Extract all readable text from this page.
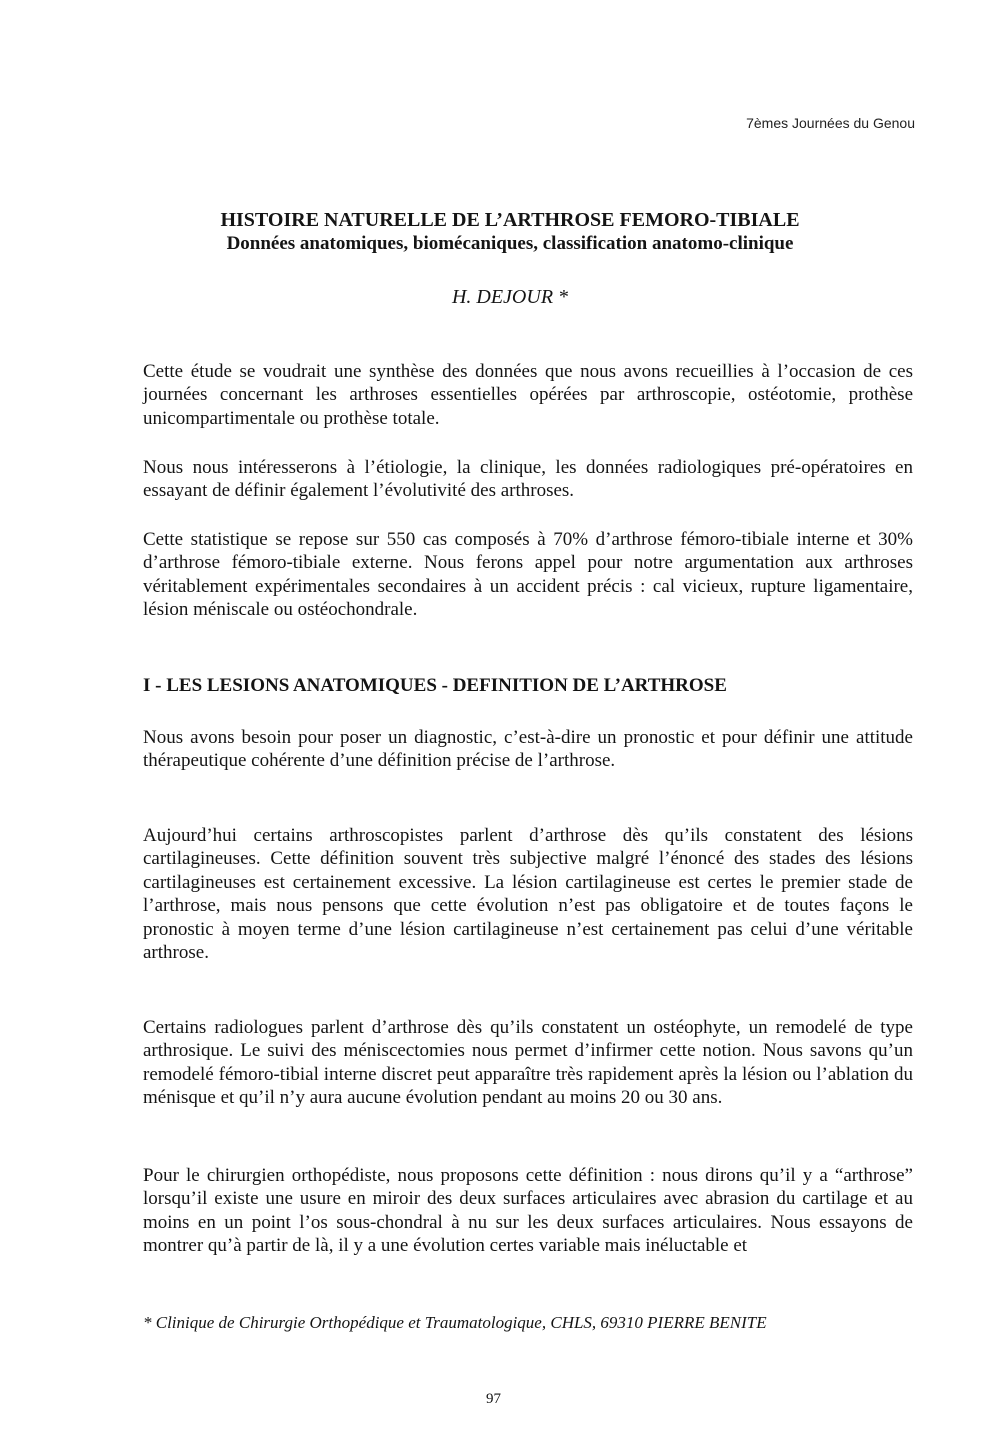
7èmes Journées du Genou

HISTOIRE NATURELLE DE L’ARTHROSE FEMORO-TIBIALE

Données anatomiques, biomécaniques, classification anatomo-clinique

H. DEJOUR *

Cette étude se voudrait une synthèse des données que nous avons recueillies à l’occasion de ces journées concernant les arthroses essentielles opérées par arthroscopie, ostéotomie, prothèse unicompartimentale ou prothèse totale.

Nous nous intéresserons à l’étiologie, la clinique, les données radiologiques pré-opératoires en essayant de définir également l’évolutivité des arthroses.

Cette statistique se repose sur 550 cas composés à 70% d’arthrose fémoro-tibiale interne et 30% d’arthrose fémoro-tibiale externe. Nous ferons appel pour notre argumentation aux arthroses véritablement expérimentales secondaires à un accident précis : cal vicieux, rupture ligamentaire, lésion méniscale ou ostéochondrale.

I - LES LESIONS ANATOMIQUES - DEFINITION DE L’ARTHROSE

Nous avons besoin pour poser un diagnostic, c’est-à-dire un pronostic et pour définir une attitude thérapeutique cohérente d’une définition précise de l’arthrose.

Aujourd’hui certains arthroscopistes parlent d’arthrose dès qu’ils constatent des lésions cartilagineuses. Cette définition souvent très subjective malgré l’énoncé des stades des lésions cartilagineuses est certainement excessive. La lésion cartilagineuse est certes le premier stade de l’arthrose, mais nous pensons que cette évolution n’est pas obligatoire et de toutes façons le pronostic à moyen terme d’une lésion cartilagineuse n’est certainement pas celui d’une véritable arthrose.

Certains radiologues parlent d’arthrose dès qu’ils constatent un ostéophyte, un remodelé de type arthrosique. Le suivi des méniscectomies nous permet d’infirmer cette notion. Nous savons qu’un remodelé fémoro-tibial interne discret peut apparaître très rapidement après la lésion ou l’ablation du ménisque et qu’il n’y aura aucune évolution pendant au moins 20 ou 30 ans.

Pour le chirurgien orthopédiste, nous proposons cette définition : nous dirons qu’il y a “arthrose” lorsqu’il existe une usure en miroir des deux surfaces articulaires avec abrasion du cartilage et au moins en un point l’os sous-chondral à nu sur les deux surfaces articulaires. Nous essayons de montrer qu’à partir de là, il y a une évolution certes variable mais inéluctable et

* Clinique de Chirurgie Orthopédique et Traumatologique, CHLS, 69310 PIERRE BENITE

97
